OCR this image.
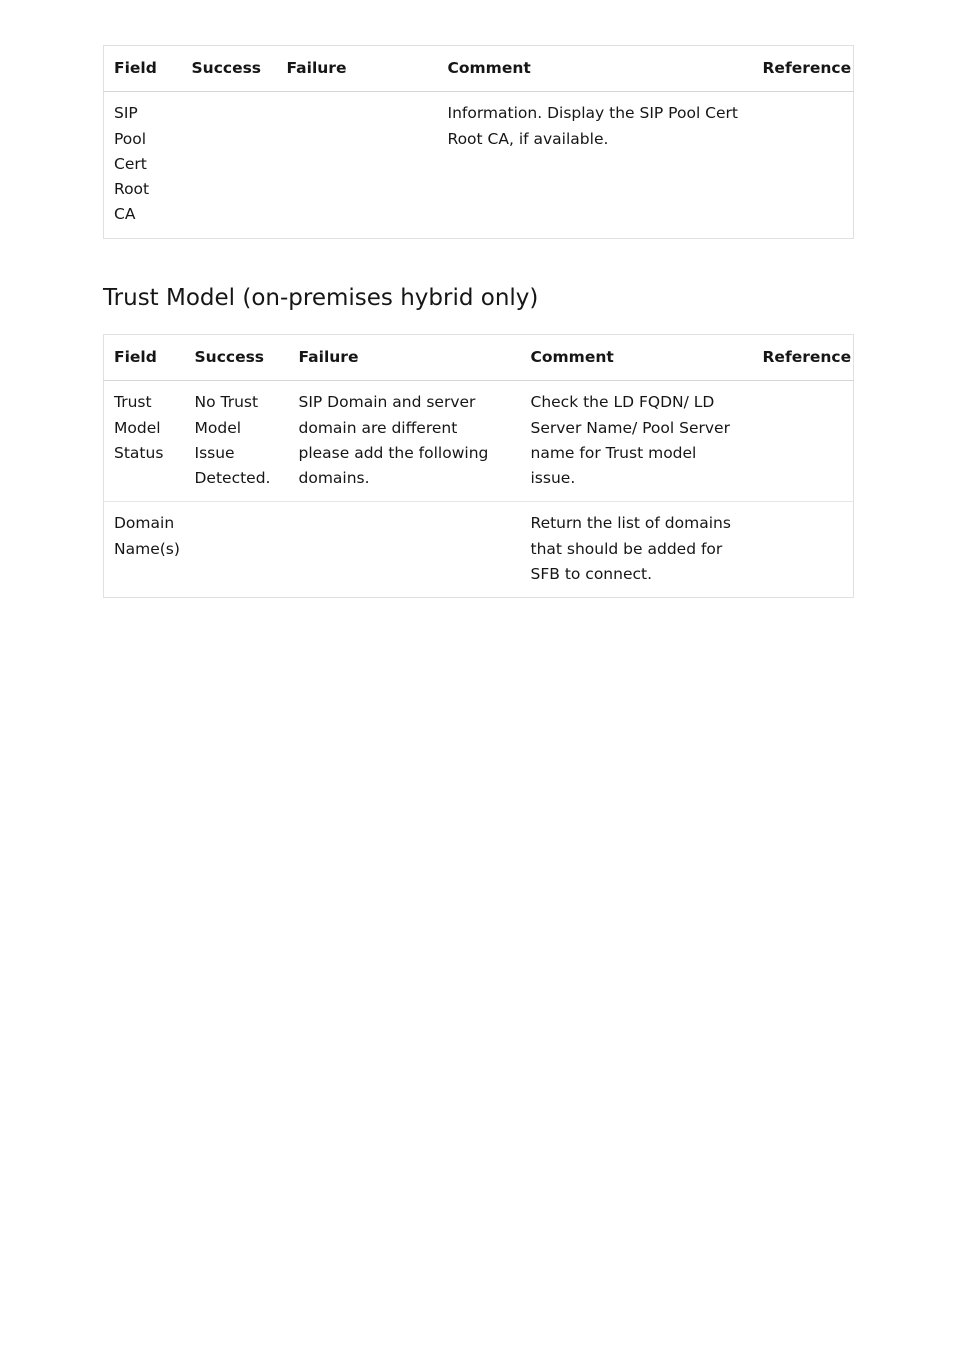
Field	Success	Failure	Comment	Reference
SIP Pool Cert Root CA			Information. Display the SIP Pool Cert Root CA, if available.	
Trust Model (on-premises hybrid only)
Field	Success	Failure	Comment	Reference
Trust Model Status	No Trust Model Issue Detected.	SIP Domain and server domain are different please add the following domains.	Check the LD FQDN/ LD Server Name/ Pool Server name for Trust model issue.	
Domain Name(s)			Return the list of domains that should be added for SFB to connect.	
